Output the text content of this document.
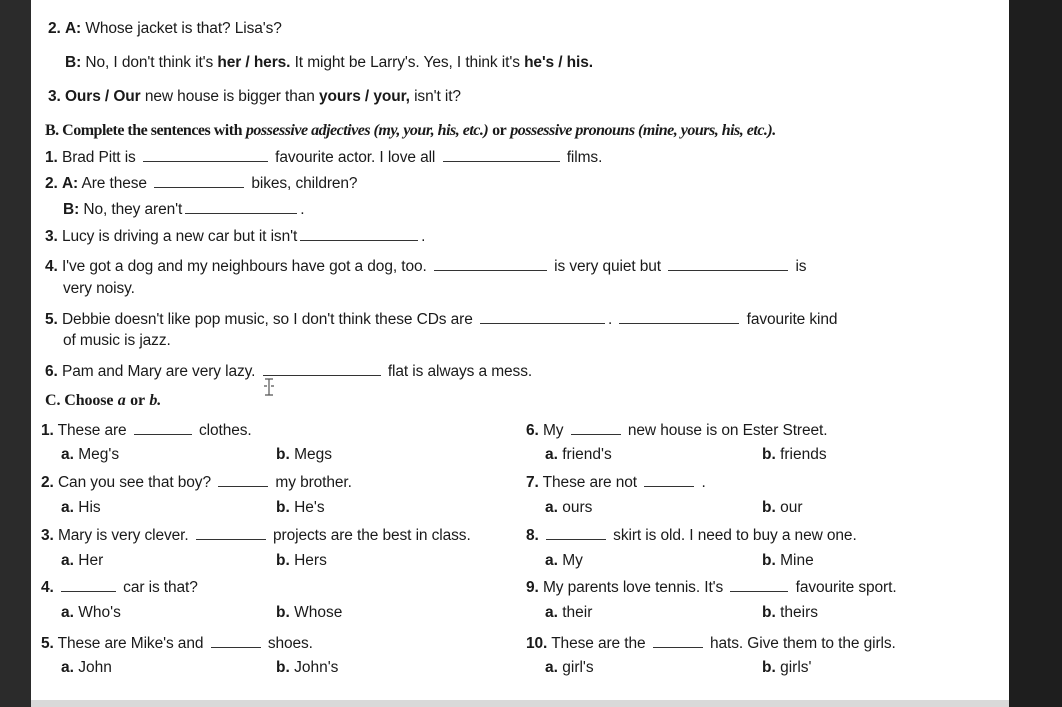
2. A: Whose jacket is that? Lisa's?
B: No, I don't think it's her / hers. It might be Larry's. Yes, I think it's he's / his.
3. Ours / Our new house is bigger than yours / your, isn't it?
B. Complete the sentences with possessive adjectives (my, your, his, etc.) or possessive pronouns (mine, yours, his, etc.).
1. Brad Pitt is	favourite actor. I love all	films.
2. A: Are these	bikes, children?
B: No, they aren't	.
3. Lucy is driving a new car but it isn't	.
4. I've got a dog and my neighbours have got a dog, too.	is very quiet but	is
very noisy.
5. Debbie doesn't like pop music, so I don't think these CDs are	.	favourite kind
of music is jazz.
6. Pam and Mary are very lazy.	flat is always a mess.
C. Choose a or b.
1. These are	clothes.
a. Meg's	b. Megs
2. Can you see that boy?	my brother.
a. His	b. He's
3. Mary is very clever.	projects are the best in class.
a. Her	b. Hers
4.	car is that?
a. Who's	b. Whose
5. These are Mike's and	shoes.
a. John	b. John's
6. My	new house is on Ester Street.
a. friend's	b. friends
7. These are not	.
a. ours	b. our
8.	skirt is old. I need to buy a new one.
a. My	b. Mine
9. My parents love tennis. It's	favourite sport.
a. their	b. theirs
10. These are the	hats. Give them to the girls.
a. girl's	b. girls'
